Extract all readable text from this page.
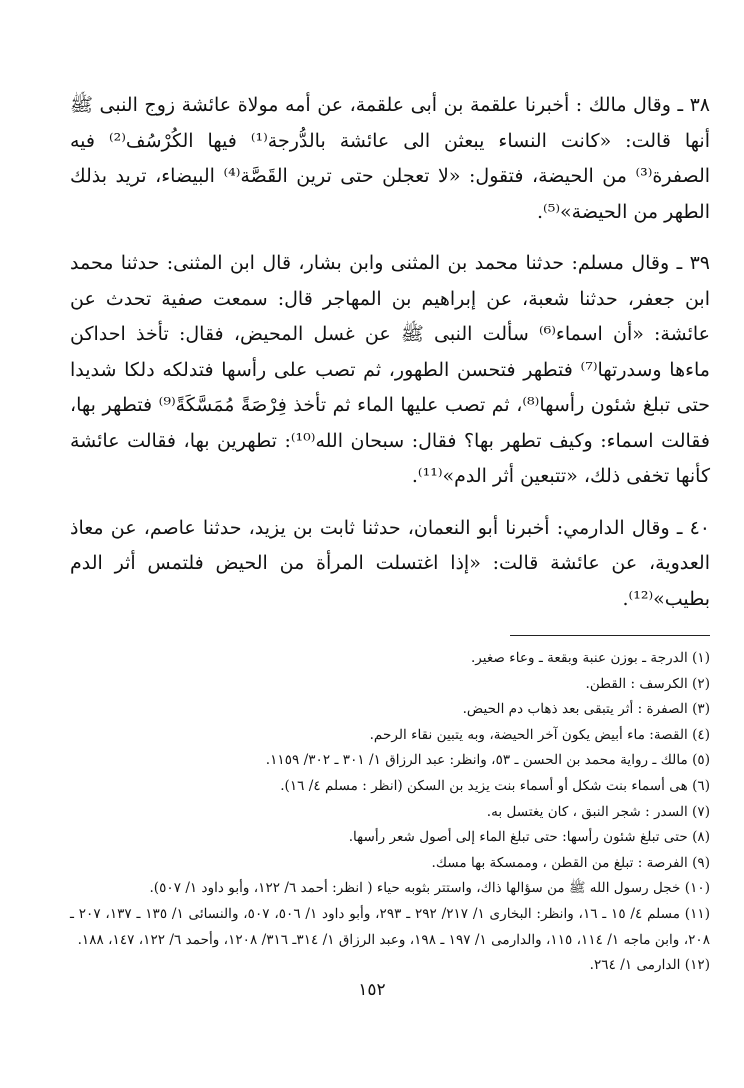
٣٨ ـ وقال مالك : أخبرنا علقمة بن أبى علقمة، عن أمه مولاة عائشة زوج النبى ﷺ أنها قالت: «كانت النساء يبعثن الى عائشة بالدُّرجة⁽¹⁾ فيها الكُرْسُف⁽²⁾ فيه الصفرة⁽³⁾ من الحيضة، فتقول: «لا تعجلن حتى ترين القَصَّة⁽⁴⁾ البيضاء، تريد بذلك الطهر من الحيضة»⁽⁵⁾.

٣٩ ـ وقال مسلم: حدثنا محمد بن المثنى وابن بشار، قال ابن المثنى: حدثنا محمد ابن جعفر، حدثنا شعبة، عن إبراهيم بن المهاجر قال: سمعت صفية تحدث عن عائشة: «أن اسماء⁽⁶⁾ سألت النبى ﷺ عن غسل المحيض، فقال: تأخذ احداكن ماءها وسدرتها⁽⁷⁾ فتطهر فتحسن الطهور، ثم تصب على رأسها فتدلكه دلكا شديدا حتى تبلغ شئون رأسها⁽⁸⁾، ثم تصب عليها الماء ثم تأخذ فِرْصَةً مُمَسَّكَةً⁽⁹⁾ فتطهر بها، فقالت اسماء: وكيف تطهر بها؟ فقال: سبحان الله⁽¹⁰⁾: تطهرين بها، فقالت عائشة كأنها تخفى ذلك، «تتبعين أثر الدم»⁽¹¹⁾.

٤٠ ـ وقال الدارمي: أخبرنا أبو النعمان، حدثنا ثابت بن يزيد، حدثنا عاصم، عن معاذ العدوية، عن عائشة قالت: «إذا اغتسلت المرأة من الحيض فلتمس أثر الدم بطيب»⁽¹²⁾.

(١) الدرجة ـ بوزن عنبة وبقعة ـ وعاء صغير.
(٢) الكرسف : القطن.
(٣) الصفرة : أثر يتبقى بعد ذهاب دم الحيض.
(٤) القصة: ماء أبيض يكون آخر الحيضة، وبه يتبين نقاء الرحم.
(٥) مالك ـ رواية محمد بن الحسن ـ ٥٣، وانظر: عبد الرزاق ١/ ٣٠١ ـ ٣٠٢/ ١١٥٩.
(٦) هى أسماء بنت شكل أو أسماء بنت يزيد بن السكن (انظر : مسلم ٤/ ١٦).
(٧) السدر : شجر النبق ، كان يغتسل به.
(٨) حتى تبلغ شئون رأسها: حتى تبلغ الماء إلى أصول شعر رأسها.
(٩) الفرصة : تبلغ من القطن ، وممسكة بها مسك.
(١٠) خجل رسول الله ﷺ من سؤالها ذاك، واستتر بثوبه حياء ( انظر: أحمد ٦/ ١٢٢، وأبو داود ١/ ٥٠٧).
(١١) مسلم ٤/ ١٥ ـ ١٦، وانظر: البخارى ١/ ٢١٧/ ٢٩٢ ـ ٢٩٣، وأبو داود ١/ ٥٠٦، ٥٠٧، والنسائى ١/ ١٣٥ ـ ١٣٧، ٢٠٧ ـ ٢٠٨، وابن ماجه ١/ ١١٤، ١١٥، والدارمى ١/ ١٩٧ ـ ١٩٨، وعبد الرزاق ١/ ٣١٤ـ ٣١٦/ ١٢٠٨، وأحمد ٦/ ١٢٢، ١٤٧، ١٨٨.
(١٢) الدارمى ١/ ٢٦٤.
١٥٢
